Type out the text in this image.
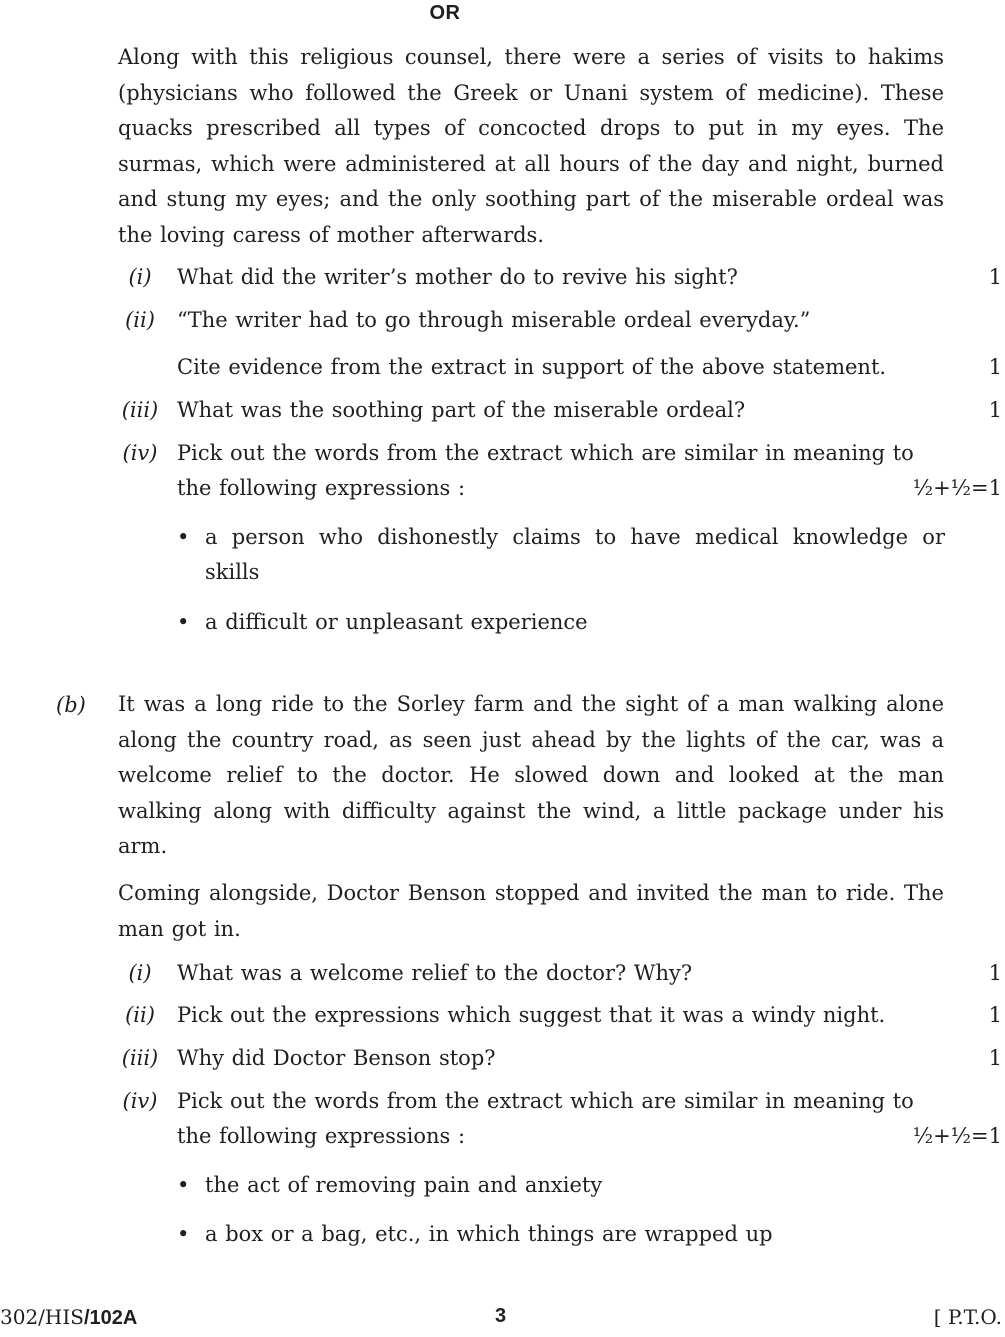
OR
Along with this religious counsel, there were a series of visits to hakims (physicians who followed the Greek or Unani system of medicine). These quacks prescribed all types of concocted drops to put in my eyes. The surmas, which were administered at all hours of the day and night, burned and stung my eyes; and the only soothing part of the miserable ordeal was the loving caress of mother afterwards.
(i)	What did the writer’s mother do to revive his sight?	1
(ii) “The writer had to go through miserable ordeal everyday.”
Cite evidence from the extract in support of the above statement.	1
(iii) What was the soothing part of the miserable ordeal?	1
(iv) Pick out the words from the extract which are similar in meaning to
the following expressions :	½+½=1
• a person who dishonestly claims to have medical knowledge or skills
• a difficult or unpleasant experience
(b) It was a long ride to the Sorley farm and the sight of a man walking alone along the country road, as seen just ahead by the lights of the car, was a welcome relief to the doctor. He slowed down and looked at the man walking along with difficulty against the wind, a little package under his arm.
Coming alongside, Doctor Benson stopped and invited the man to ride. The man got in.
(i)	What was a welcome relief to the doctor? Why?	1
(ii) Pick out the expressions which suggest that it was a windy night.	1
(iii) Why did Doctor Benson stop?	1
(iv) Pick out the words from the extract which are similar in meaning to
the following expressions :	½+½=1
• the act of removing pain and anxiety
• a box or a bag, etc., in which things are wrapped up
302/HIS/102A	3	[ P.T.O.
